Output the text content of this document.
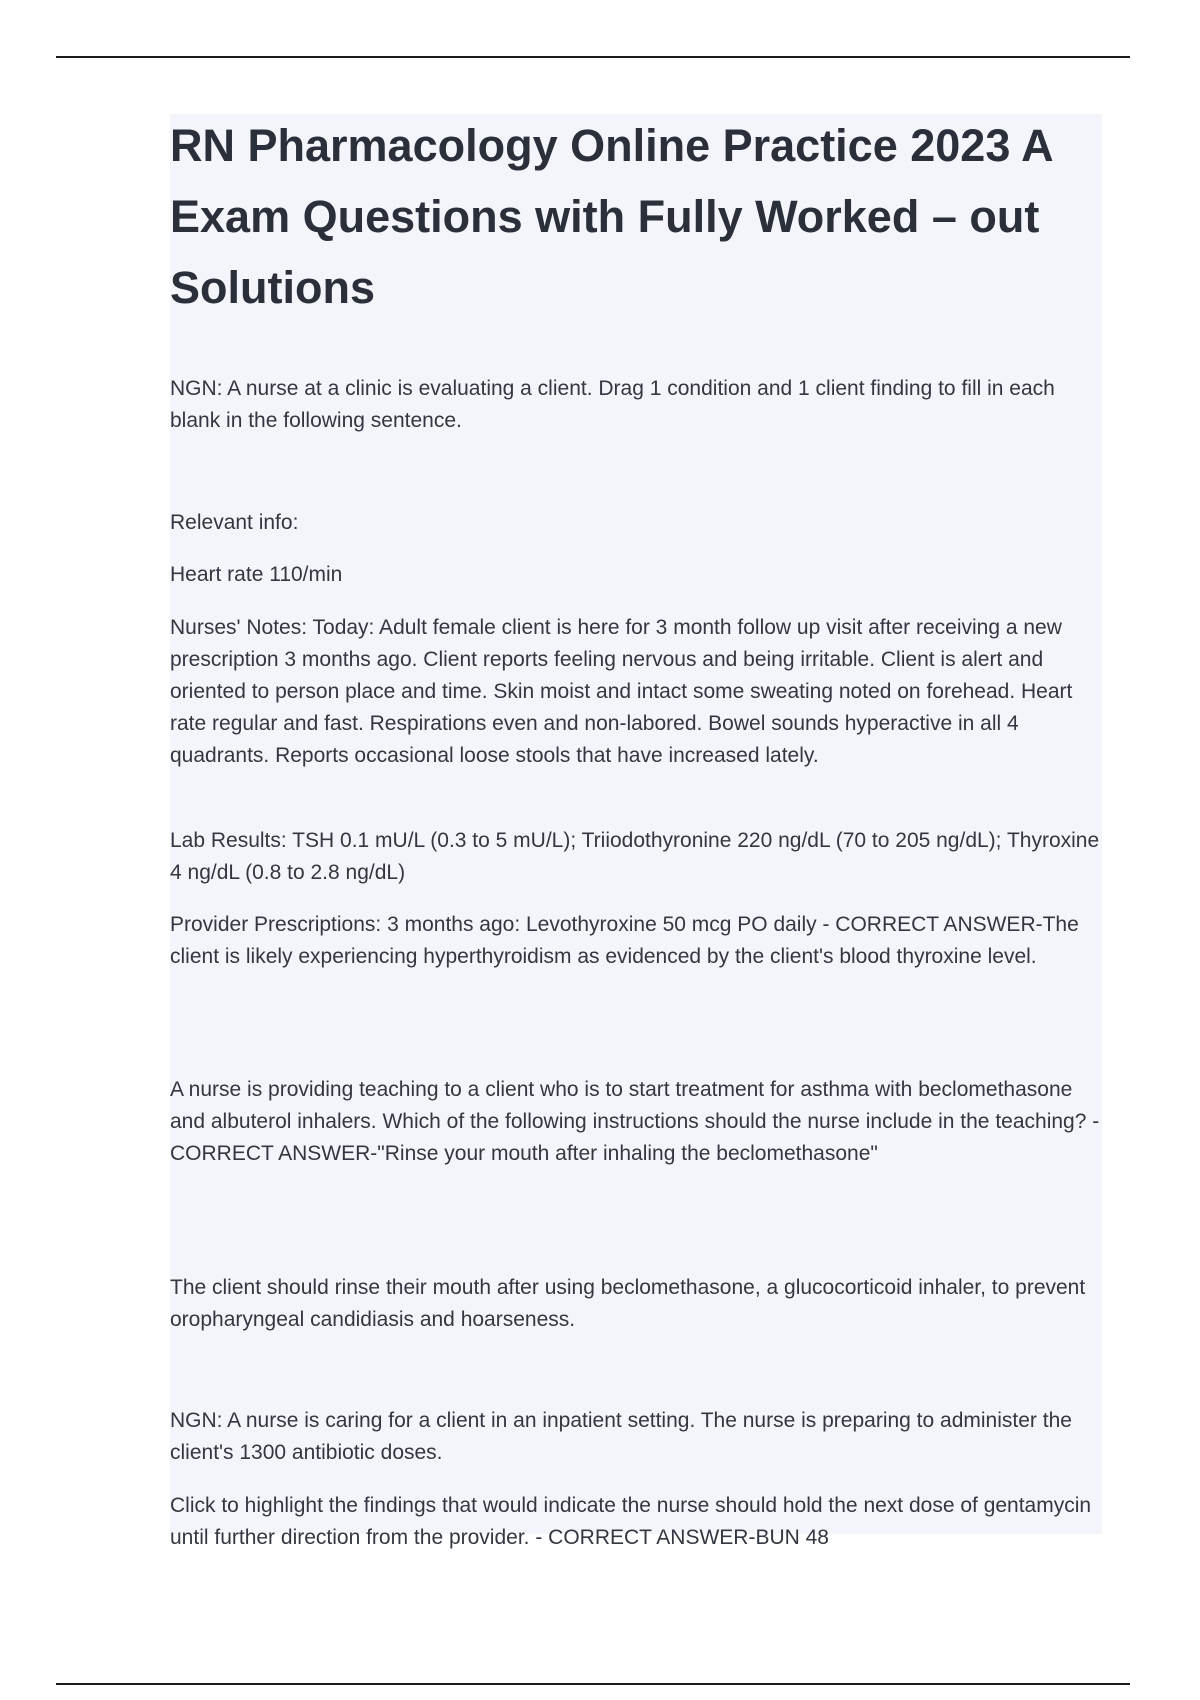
RN Pharmacology Online Practice 2023 A Exam Questions with Fully Worked – out Solutions

NGN: A nurse at a clinic is evaluating a client. Drag 1 condition and 1 client finding to fill in each blank in the following sentence.

Relevant info:

Heart rate 110/min

Nurses' Notes: Today: Adult female client is here for 3 month follow up visit after receiving a new prescription 3 months ago. Client reports feeling nervous and being irritable. Client is alert and oriented to person place and time. Skin moist and intact some sweating noted on forehead. Heart rate regular and fast. Respirations even and non-labored. Bowel sounds hyperactive in all 4 quadrants. Reports occasional loose stools that have increased lately.

Lab Results: TSH 0.1 mU/L (0.3 to 5 mU/L); Triiodothyronine 220 ng/dL (70 to 205 ng/dL); Thyroxine 4 ng/dL (0.8 to 2.8 ng/dL)

Provider Prescriptions: 3 months ago: Levothyroxine 50 mcg PO daily - CORRECT ANSWER-The client is likely experiencing hyperthyroidism as evidenced by the client's blood thyroxine level.

A nurse is providing teaching to a client who is to start treatment for asthma with beclomethasone and albuterol inhalers. Which of the following instructions should the nurse include in the teaching? - CORRECT ANSWER-"Rinse your mouth after inhaling the beclomethasone"

The client should rinse their mouth after using beclomethasone, a glucocorticoid inhaler, to prevent oropharyngeal candidiasis and hoarseness.

NGN: A nurse is caring for a client in an inpatient setting. The nurse is preparing to administer the client's 1300 antibiotic doses.

Click to highlight the findings that would indicate the nurse should hold the next dose of gentamycin until further direction from the provider. - CORRECT ANSWER-BUN 48
